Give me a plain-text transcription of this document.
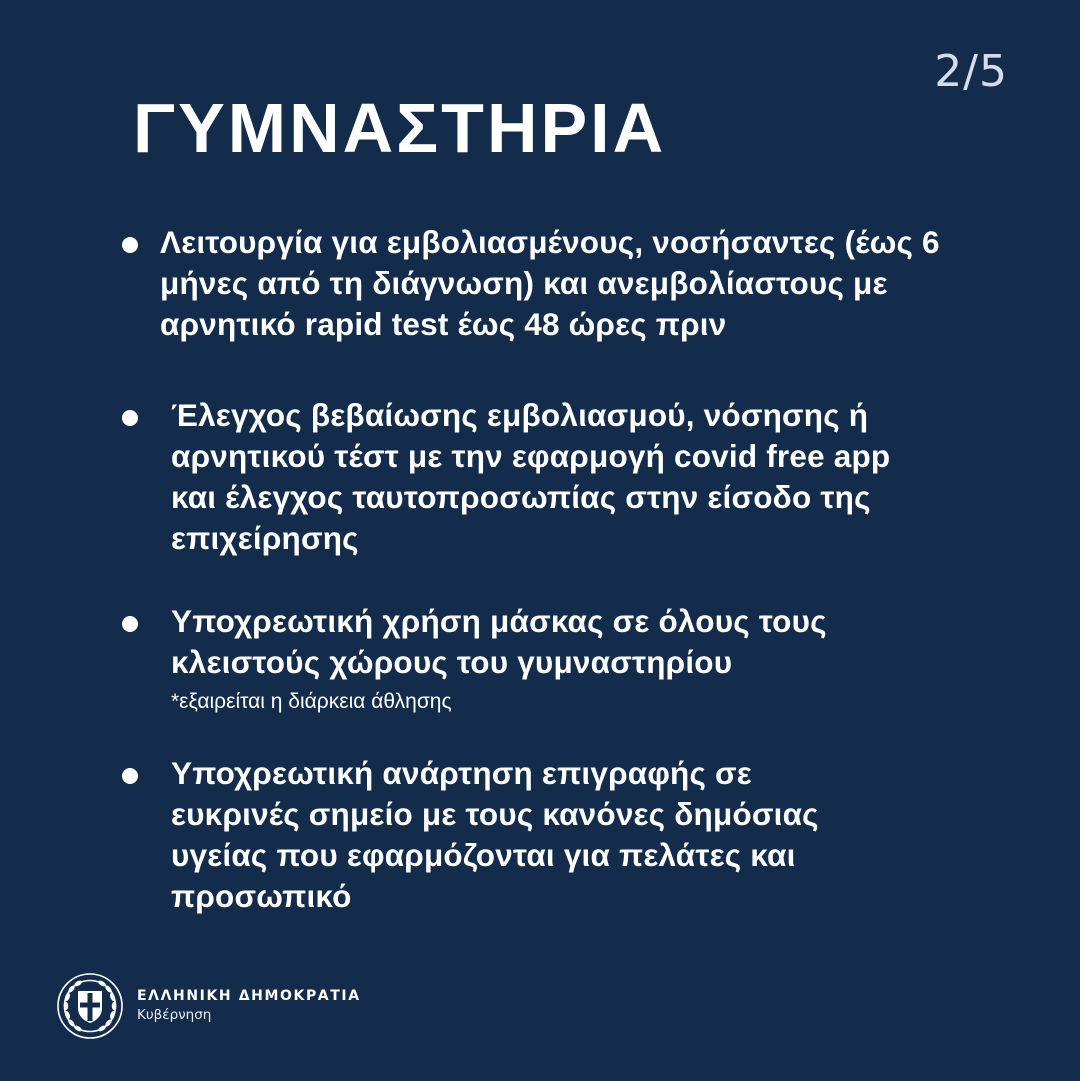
2/5
ΓΥΜΝΑΣΤΗΡΙΑ
Λειτουργία για εμβολιασμένους, νοσήσαντες (έως 6 μήνες από τη διάγνωση) και ανεμβολίαστους με αρνητικό rapid test έως 48 ώρες πριν
Έλεγχος βεβαίωσης εμβολιασμού, νόσησης ή αρνητικού τέστ με την εφαρμογή covid free app και έλεγχος ταυτοπροσωπίας στην είσοδο της επιχείρησης
Υποχρεωτική χρήση μάσκας σε όλους τους κλειστούς χώρους του γυμναστηρίου
*εξαιρείται η διάρκεια άθλησης
Υποχρεωτική ανάρτηση επιγραφής σε ευκρινές σημείο με τους κανόνες δημόσιας υγείας που εφαρμόζονται για πελάτες και προσωπικό
ΕΛΛΗΝΙΚΗ ΔΗΜΟΚΡΑΤΙΑ
Κυβέρνηση
